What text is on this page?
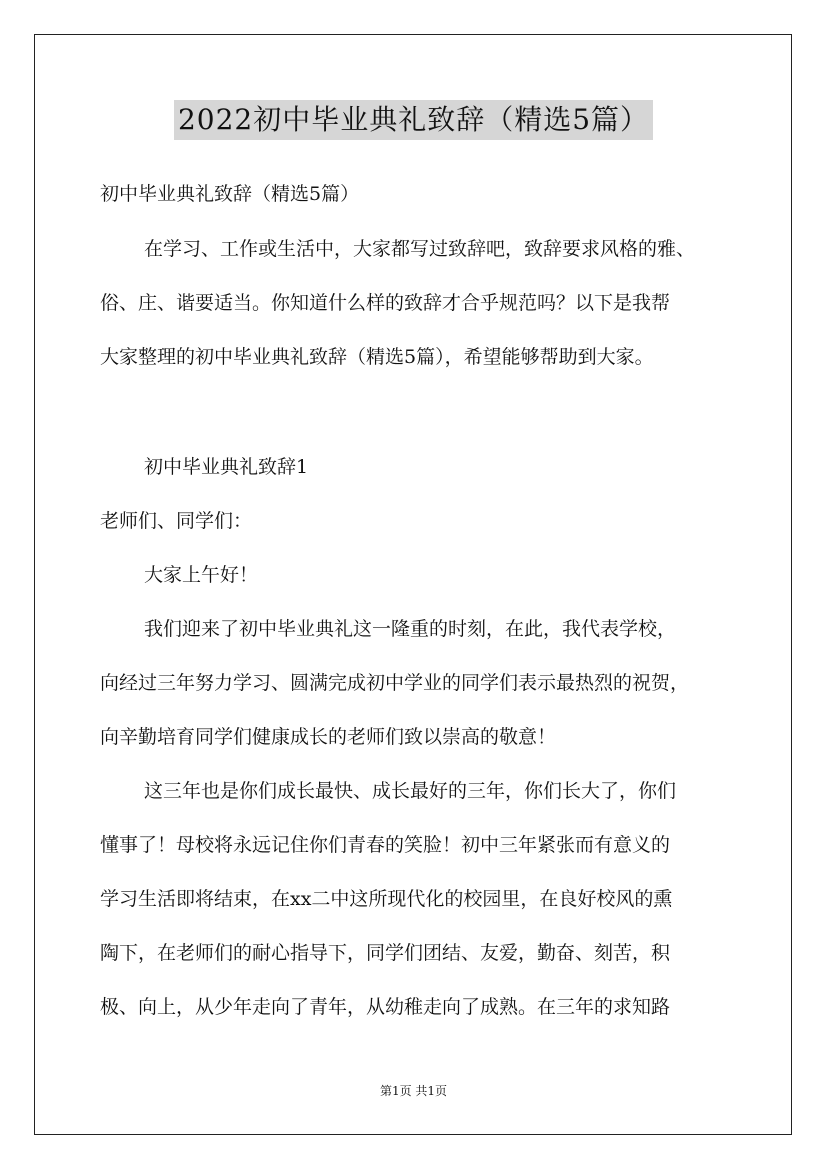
2022初中毕业典礼致辞（精选5篇）
初中毕业典礼致辞（精选5篇）
在学习、工作或生活中，大家都写过致辞吧，致辞要求风格的雅、
俗、庄、谐要适当。你知道什么样的致辞才合乎规范吗？以下是我帮
大家整理的初中毕业典礼致辞（精选5篇），希望能够帮助到大家。
初中毕业典礼致辞1
老师们、同学们：
大家上午好！
我们迎来了初中毕业典礼这一隆重的时刻，在此，我代表学校，
向经过三年努力学习、圆满完成初中学业的同学们表示最热烈的祝贺，
向辛勤培育同学们健康成长的老师们致以崇高的敬意！
这三年也是你们成长最快、成长最好的三年，你们长大了，你们
懂事了！母校将永远记住你们青春的笑脸！初中三年紧张而有意义的
学习生活即将结束，在xx二中这所现代化的校园里，在良好校风的熏
陶下，在老师们的耐心指导下，同学们团结、友爱，勤奋、刻苦，积
极、向上，从少年走向了青年，从幼稚走向了成熟。在三年的求知路
第1页 共1页
